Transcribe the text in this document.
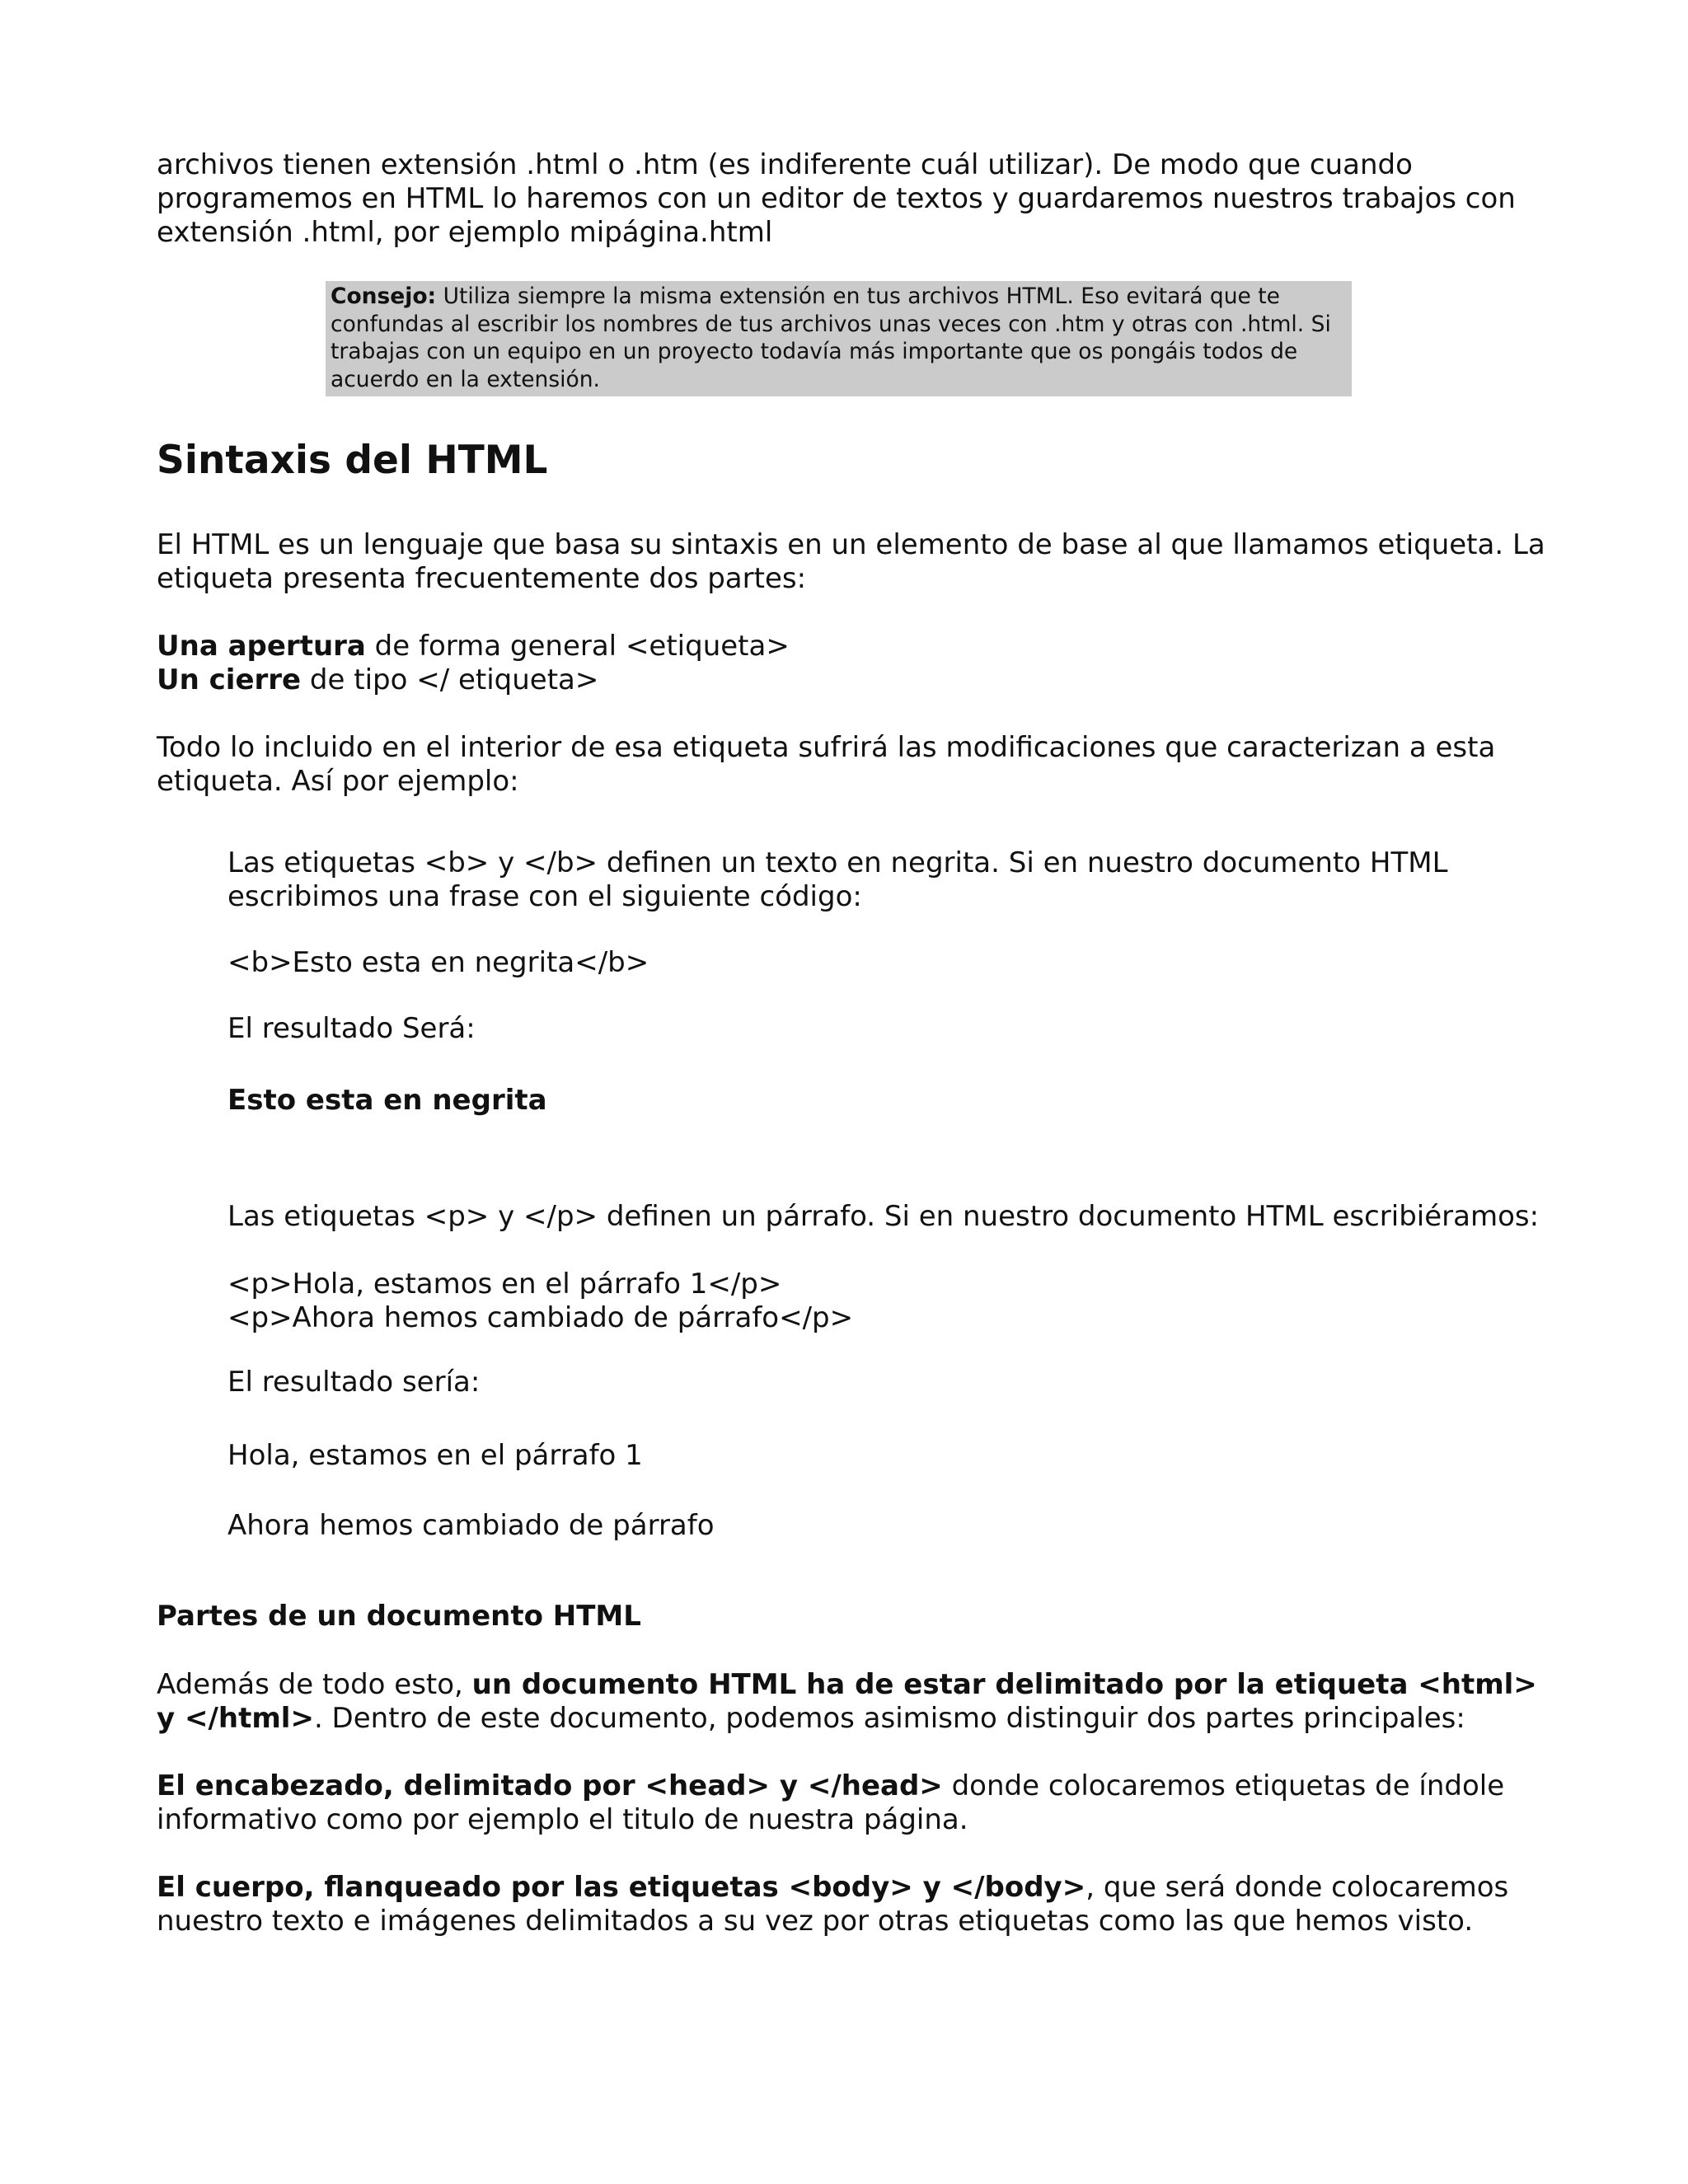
archivos tienen extensión .html o .htm (es indiferente cuál utilizar). De modo que cuando programemos en HTML lo haremos con un editor de textos y guardaremos nuestros trabajos con extensión .html, por ejemplo mipágina.html

Consejo: Utiliza siempre la misma extensión en tus archivos HTML. Eso evitará que te confundas al escribir los nombres de tus archivos unas veces con .htm y otras con .html. Si trabajas con un equipo en un proyecto todavía más importante que os pongáis todos de acuerdo en la extensión.
Sintaxis del HTML

El HTML es un lenguaje que basa su sintaxis en un elemento de base al que llamamos etiqueta. La etiqueta presenta frecuentemente dos partes:

Una apertura de forma general <etiqueta>

Un cierre de tipo </ etiqueta>

Todo lo incluido en el interior de esa etiqueta sufrirá las modificaciones que caracterizan a esta etiqueta. Así por ejemplo:

Las etiquetas <b> y </b> definen un texto en negrita. Si en nuestro documento HTML escribimos una frase con el siguiente código:

<b>Esto esta en negrita</b>

El resultado Será:

Esto esta en negrita

Las etiquetas <p> y </p> definen un párrafo. Si en nuestro documento HTML escribiéramos:

<p>Hola, estamos en el párrafo 1</p>

<p>Ahora hemos cambiado de párrafo</p>

El resultado sería:

Hola, estamos en el párrafo 1

Ahora hemos cambiado de párrafo

Partes de un documento HTML

Además de todo esto, un documento HTML ha de estar delimitado por la etiqueta <html> y </html>. Dentro de este documento, podemos asimismo distinguir dos partes principales:

El encabezado, delimitado por <head> y </head> donde colocaremos etiquetas de índole informativo como por ejemplo el titulo de nuestra página.

El cuerpo, flanqueado por las etiquetas <body> y </body>, que será donde colocaremos nuestro texto e imágenes delimitados a su vez por otras etiquetas como las que hemos visto.
